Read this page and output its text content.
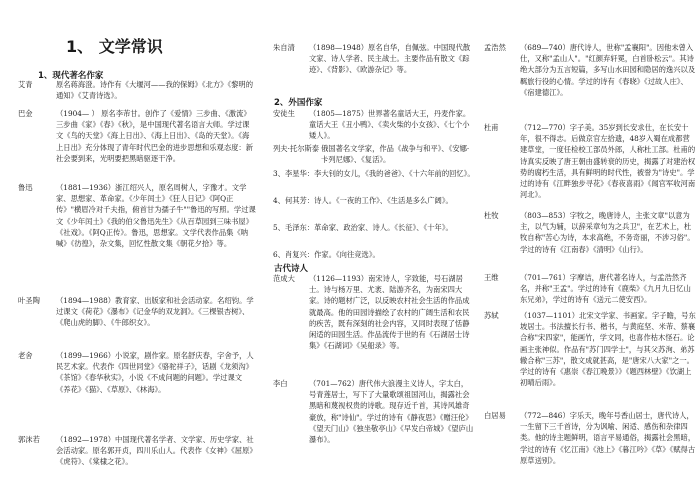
1、 文学常识
1、现代著名作家
艾青	原名蒋海澄。诗作有《大堰河——我的保姆》《北方》《黎明的通知》《艾青诗选》。
巴金	（1904— ） 原名李芾甘。创作了《爱情》三步曲、《激流》三步曲《家》《春》《秋》，是中国现代著名语言大师。学过课文《鸟的天堂》《海上日出》、《海上日出》、《岛的天堂》。《海上日出》充分体现了青年时代巴金的进步思想和乐观态度：新社会要到来，光明要把黑暗驱逐干净。
鲁迅	（1881—1936）浙江绍兴人，原名周树人，字豫才。文学家、思想家、革命家。《少年闰土》《狂人日记》《阿Q正传》"横眉冷对千夫指，俯首甘为孺子牛""鲁迅的写照。学过课文《少年闰土》《我的伯父鲁迅先生》《从百草园到三味书屋》《社戏》。《阿Q正传》。鲁迅，思想家。文学代表作品集《呐喊》《彷徨》，杂文集，回忆性散文集《朝花夕拾》等。
叶圣陶 （1894—1988）教育家、出版家和社会活动家。名绍钧。学过课文《荷花》《瀑布》《记金华的双龙洞》。《三棵银杏树》、《爬山虎的脚》、《牛郎织女》。
老舍	（1899—1966）小说家，剧作家。原名舒庆春，字舍予，人民艺术家。代表作《四世同堂》《骆驼祥子》，话剧《龙须沟》《茶馆》《春华秋实》，小说《不成问题的问题》。学过课文《养花》《猫》、《草原》、《林海》。
郭沫若 （1892—1978）中国现代著名学者、文学家、历史学家、社会活动家。原名郭开贞，四川乐山人。代表作《女神》《屈原》《虎符》、《棠棣之花》。
朱自清 （1898—1948）原名自华，自佩弦。中国现代散文家、诗人学者、民主战士。主要作品有散文《踪迹》、《背影》、《欧游杂记》等。
2、外国作家
安徒生 （1805—1875）世界著名童话大王，丹麦作家。童话大王《丑小鸭》、《卖火柴的小女孩》、《七个小矮人》。
列夫·托尔斯泰 俄国著名文学家，作品《战争与和平》、《安娜·卡列尼娜》、《复活》。
3、李星华：李大钊的女儿，《我的爸爸》、《十六年前的回忆》。
4、何其芳：诗人。《一夜的工作》、《生活是多么广阔》。
5、毛泽东：革命家、政治家、诗人。《长征》、《十年》。
6、肖复兴：作家。《向往竞选》。
古代诗人
范成大 （1126—1193）南宋诗人，字致能，号石湖居士。诗与杨万里、尤袤、陆游齐名，为南宋四大家。诗的题材广泛，以反映农村社会生活的作品成就最高。他的田园诗描绘了农村的广阔生活和农民的疾苦，既有深刻的社会内容，又同时表现了恬静闲适的田园生活。作品流传于世的有《石湖居士诗集》《石湖词》《吴船录》等。
李白	（701—762）唐代伟大浪漫主义诗人，字太白，号青莲居士，写下了大量歌颂祖国河山，揭露社会黑暗和蔑视权贵的诗歌。现存近千首，其诗风雄奇豪放，称"诗仙"。学过的诗有《静夜思》《赠汪伦》《望天门山》《独坐敬亭山》《早发白帝城》《望庐山瀑布》。
孟浩然 （689—740）唐代诗人，世称"孟襄阳"。因他未曾入仕，又称"孟山人"。"红颜弃轩冕，白首卧松云"。其诗绝大部分为五言短篇，多写山水田园和隐居的逸兴以及羁旅行役的心情。学过的诗有《春晓》《过故人庄》、《宿建德江》。
杜甫	（712—770）字子美。35岁到长安求仕，在长安十年，很不得志。后做京官左拾遗，48岁入蜀在成都营建草堂，一度任检校工部员外郎，人称杜工部。杜甫的诗真实反映了唐王朝由盛转衰的历史，揭露了对建治权势的腐朽生活，具有鲜明的时代性，被誉为"诗史"。学过的诗有《江畔独步寻花》《春夜喜雨》《闻官军收河南河北》。
杜牧	（803—853）字牧之，晚唐诗人，主张文章"以意为主，以气为辅，以辞采章句为之兵卫"，在艺术上，杜牧自称"苦心为诗，本求高绝，不务奇丽，不涉习俗"。学过的诗有《江南春》《清明》《山行》。
王维	（701—761）字摩诘，唐代著名诗人，与孟浩然齐名，并称"王孟"。学过的诗有《鹿柴》《九月九日忆山东兄弟》，学过的诗有《送元二使安西》。
苏轼	（1037—1101）北宋文学家、书画家。字子瞻，号东坡居士。书法擅长行书、楷书，与黄庭坚、米芾、蔡襄合称"宋四家"，能画竹，学文同，也喜作枯木怪石。论画主张神似。作品有"苏门四学士"，与其父苏洵、弟苏辙合称"三苏"，散文成就甚高，是"唐宋八大家"之一。学过的诗有《惠崇《春江晚景》》《题西林壁》《饮湖上初晴后雨》。
白居易 （772—846）字乐天，晚年号香山居士，唐代诗人，一生留下三千首诗，分为讽喻、闲适、感伤和杂律四类。他的诗主题鲜明，语言平易通俗，揭露社会黑暗，学过的诗有《忆江南》《池上》《暮江吟》《草》《赋得古原草送别》。
